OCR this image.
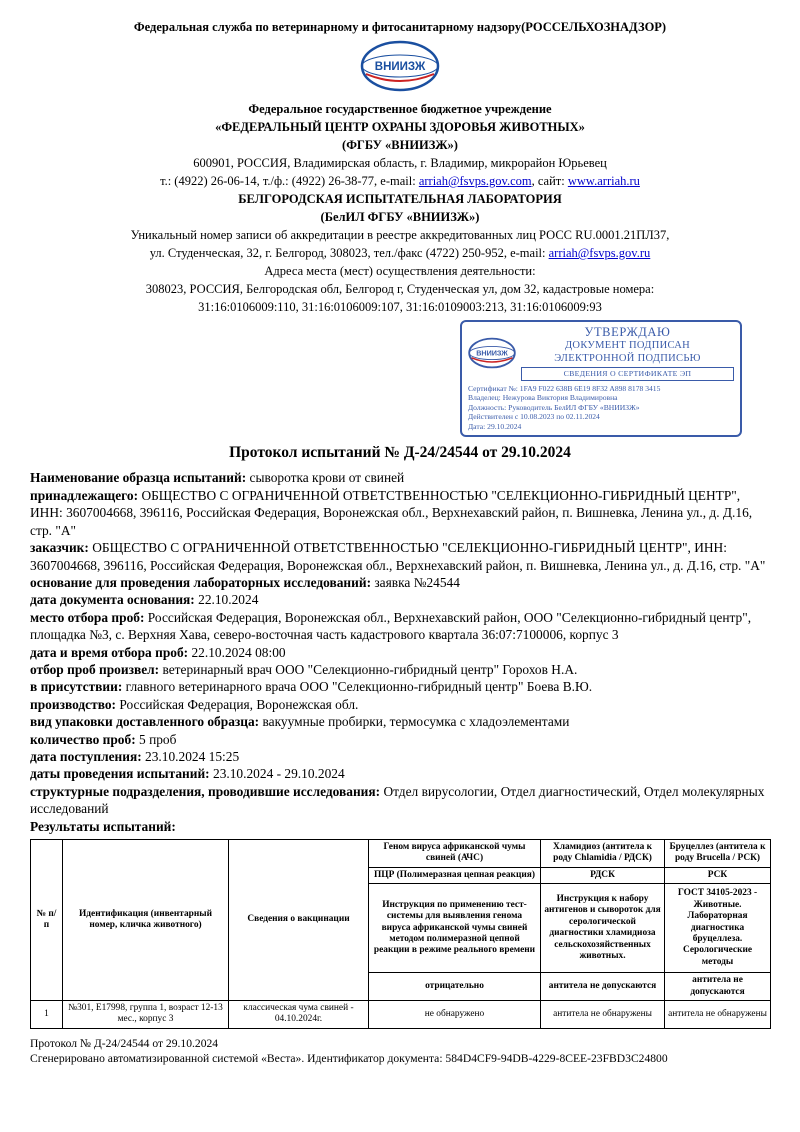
Федеральная служба по ветеринарному и фитосанитарному надзору(РОССЕЛЬХОЗНАДЗОР)
ВНИИЗЖ
Федеральное государственное бюджетное учреждение
«ФЕДЕРАЛЬНЫЙ ЦЕНТР ОХРАНЫ ЗДОРОВЬЯ ЖИВОТНЫХ»
(ФГБУ «ВНИИЗЖ»)
600901, РОССИЯ, Владимирская область, г. Владимир, микрорайон Юрьевец
т.: (4922) 26-06-14, т./ф.: (4922) 26-38-77, e-mail: arriah@fsvps.gov.com, сайт: www.arriah.ru
БЕЛГОРОДСКАЯ ИСПЫТАТЕЛЬНАЯ ЛАБОРАТОРИЯ
(БелИЛ ФГБУ «ВНИИЗЖ»)
Уникальный номер записи об аккредитации в реестре аккредитованных лиц РОСС RU.0001.21ПЛ37,
ул. Студенческая, 32, г. Белгород, 308023, тел./факс (4722) 250-952, e-mail: arriah@fsvps.gov.ru
Адреса места (мест) осуществления деятельности:
308023, РОССИЯ, Белгородская обл, Белгород г, Студенческая ул, дом 32, кадастровые номера:
31:16:0106009:110, 31:16:0106009:107, 31:16:0109003:213, 31:16:0106009:93
ВНИИЗЖ
УТВЕРЖДАЮ
ДОКУМЕНТ ПОДПИСАН
ЭЛЕКТРОННОЙ ПОДПИСЬЮ
СВЕДЕНИЯ О СЕРТИФИКАТЕ ЭП
Сертификат №: 1FA9 F022 638B 6E19 8F32 A898 8178 3415
Владелец: Нежурова Виктория Владимировна
Должность: Руководитель БелИЛ ФГБУ «ВНИИЗЖ»
Действителен с 10.08.2023 по 02.11.2024
Дата: 29.10.2024
Протокол испытаний № Д-24/24544 от 29.10.2024

Наименование образца испытаний: сыворотка крови от свиней

принадлежащего: ОБЩЕСТВО С ОГРАНИЧЕННОЙ ОТВЕТСТВЕННОСТЬЮ "СЕЛЕКЦИОННО-ГИБРИДНЫЙ ЦЕНТР", ИНН: 3607004668, 396116, Российская Федерация, Воронежская обл., Верхнехавский район, п. Вишневка, Ленина ул., д. Д.16, стр. "А"

заказчик: ОБЩЕСТВО С ОГРАНИЧЕННОЙ ОТВЕТСТВЕННОСТЬЮ "СЕЛЕКЦИОННО-ГИБРИДНЫЙ ЦЕНТР", ИНН: 3607004668, 396116, Российская Федерация, Воронежская обл., Верхнехавский район, п. Вишневка, Ленина ул., д. Д.16, стр. "А"

основание для проведения лабораторных исследований: заявка №24544

дата документа основания: 22.10.2024

место отбора проб: Российская Федерация, Воронежская обл., Верхнехавский район, ООО "Селекционно-гибридный центр", площадка №3, с. Верхняя Хава, северо-восточная часть кадастрового квартала 36:07:7100006, корпус 3

дата и время отбора проб: 22.10.2024 08:00

отбор проб произвел: ветеринарный врач ООО "Селекционно-гибридный центр" Горохов Н.А.

в присутствии: главного ветеринарного врача ООО "Селекционно-гибридный центр" Боева В.Ю.

производство: Российская Федерация, Воронежская обл.

вид упаковки доставленного образца: вакуумные пробирки, термосумка с хладоэлементами

количество проб: 5 проб

дата поступления: 23.10.2024 15:25

даты проведения испытаний: 23.10.2024 - 29.10.2024

структурные подразделения, проводившие исследования: Отдел вирусологии, Отдел диагностический, Отдел молекулярных исследований

Результаты испытаний:

№ п/п	Идентификация (инвентарный номер, кличка животного)	Сведения о вакцинации	Геном вируса африканской чумы свиней (АЧС)	Хламидиоз (антитела к роду Chlamidia / РДСК)	Бруцеллез (антитела к роду Brucella / РСК)
			ПЦР (Полимеразная цепная реакция)	РДСК	РСК
			Инструкция по применению тест-системы для выявления генома вируса африканской чумы свиней методом полимеразной цепной реакции в режиме реального времени	Инструкция к набору антигенов и сывороток для серологической диагностики хламидиоза сельскохозяйственных животных.	ГОСТ 34105-2023 - Животные. Лабораторная диагностика бруцеллеза. Серологические методы
			отрицательно	антитела не допускаются	антитела не допускаются
1	№301, Е17998, группа 1, возраст 12-13 мес., корпус 3	классическая чума свиней - 04.10.2024г.	не обнаружено	антитела не обнаружены	антитела не обнаружены

Протокол № Д-24/24544 от 29.10.2024

Сгенерировано автоматизированной системой «Веста». Идентификатор документа: 584D4CF9-94DB-4229-8CEE-23FBD3C24800
